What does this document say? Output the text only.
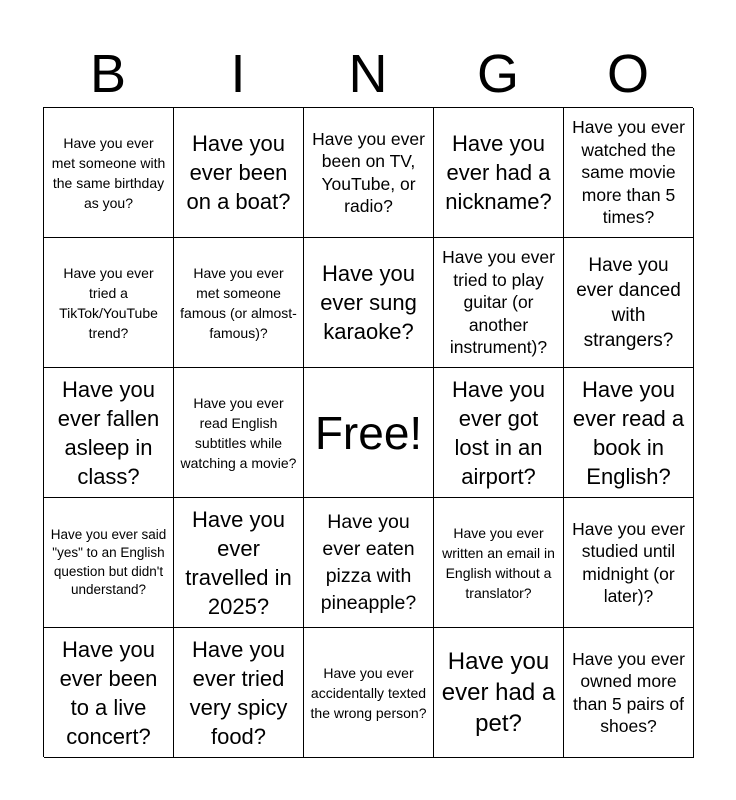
B	I	N	G	O
Have you ever met someone with the same birthday as you?
Have you ever been on a boat?
Have you ever been on TV, YouTube, or radio?
Have you ever had a nickname?
Have you ever watched the same movie more than 5 times?
Have you ever tried a TikTok/YouTube trend?
Have you ever met someone famous (or almost-famous)?
Have you ever sung karaoke?
Have you ever tried to play guitar (or another instrument)?
Have you ever danced with strangers?
Have you ever fallen asleep in class?
Have you ever read English subtitles while watching a movie?
Free!
Have you ever got lost in an airport?
Have you ever read a book in English?
Have you ever said "yes" to an English question but didn't understand?
Have you ever travelled in 2025?
Have you ever eaten pizza with pineapple?
Have you ever written an email in English without a translator?
Have you ever studied until midnight (or later)?
Have you ever been to a live concert?
Have you ever tried very spicy food?
Have you ever accidentally texted the wrong person?
Have you ever had a pet?
Have you ever owned more than 5 pairs of shoes?
